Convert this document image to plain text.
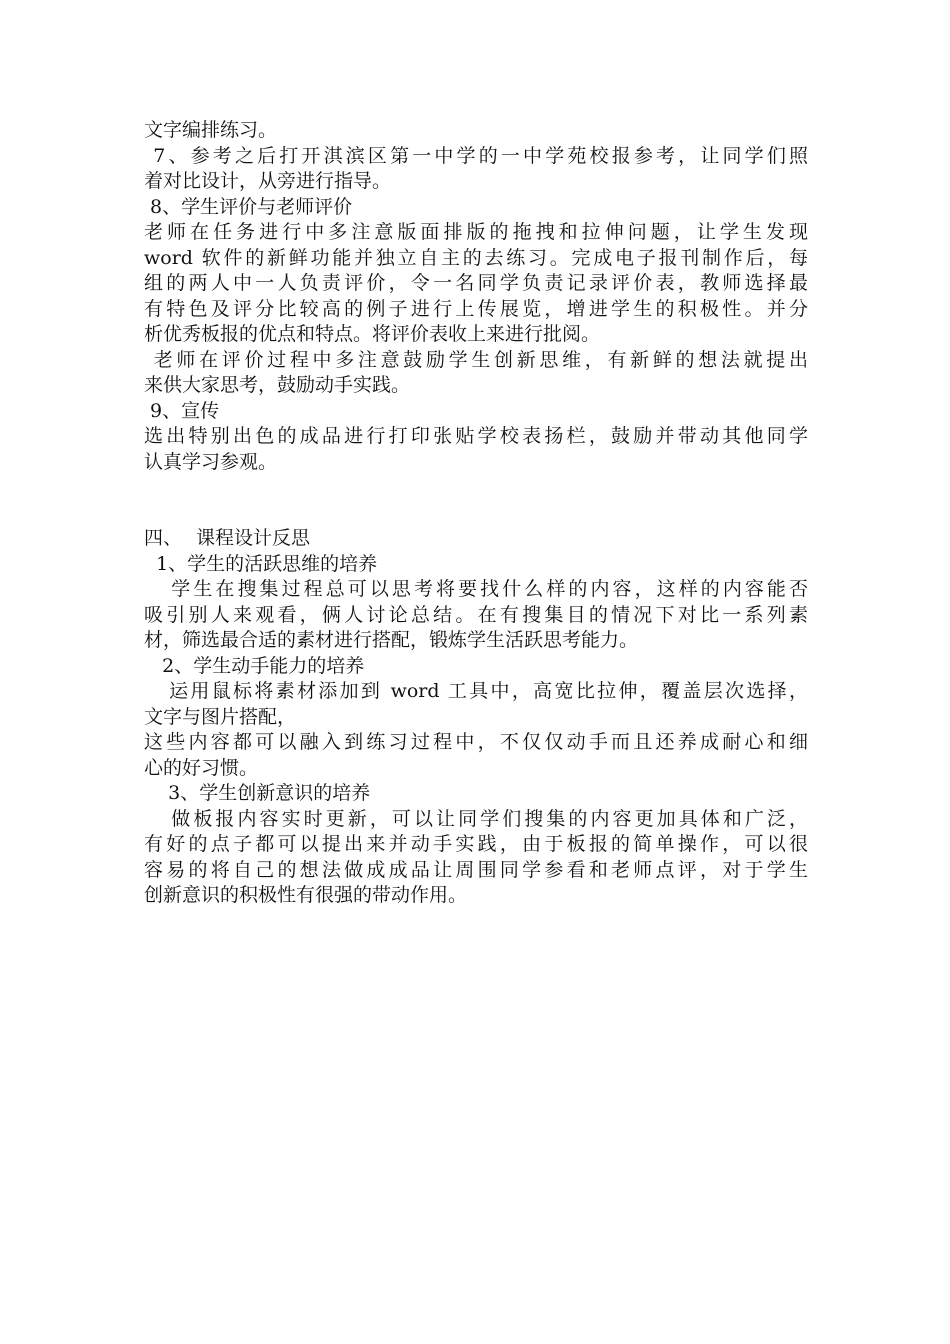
文字编排练习。
7、参考之后打开淇滨区第一中学的一中学苑校报参考，让同学们照
着对比设计，从旁进行指导。
8、学生评价与老师评价
老师在任务进行中多注意版面排版的拖拽和拉伸问题，让学生发现
word 软件的新鲜功能并独立自主的去练习。完成电子报刊制作后，每
组的两人中一人负责评价，令一名同学负责记录评价表，教师选择最
有特色及评分比较高的例子进行上传展览，增进学生的积极性。并分
析优秀板报的优点和特点。将评价表收上来进行批阅。
老师在评价过程中多注意鼓励学生创新思维，有新鲜的想法就提出
来供大家思考，鼓励动手实践。
9、宣传
选出特别出色的成品进行打印张贴学校表扬栏，鼓励并带动其他同学
认真学习参观。
四、 课程设计反思
1、学生的活跃思维的培养
学生在搜集过程总可以思考将要找什么样的内容，这样的内容能否
吸引别人来观看，俩人讨论总结。在有搜集目的情况下对比一系列素
材，筛选最合适的素材进行搭配，锻炼学生活跃思考能力。
2、学生动手能力的培养
运用鼠标将素材添加到 word 工具中，高宽比拉伸，覆盖层次选择，
文字与图片搭配，
这些内容都可以融入到练习过程中，不仅仅动手而且还养成耐心和细
心的好习惯。
3、学生创新意识的培养
做板报内容实时更新，可以让同学们搜集的内容更加具体和广泛，
有好的点子都可以提出来并动手实践，由于板报的简单操作，可以很
容易的将自己的想法做成成品让周围同学参看和老师点评，对于学生
创新意识的积极性有很强的带动作用。
